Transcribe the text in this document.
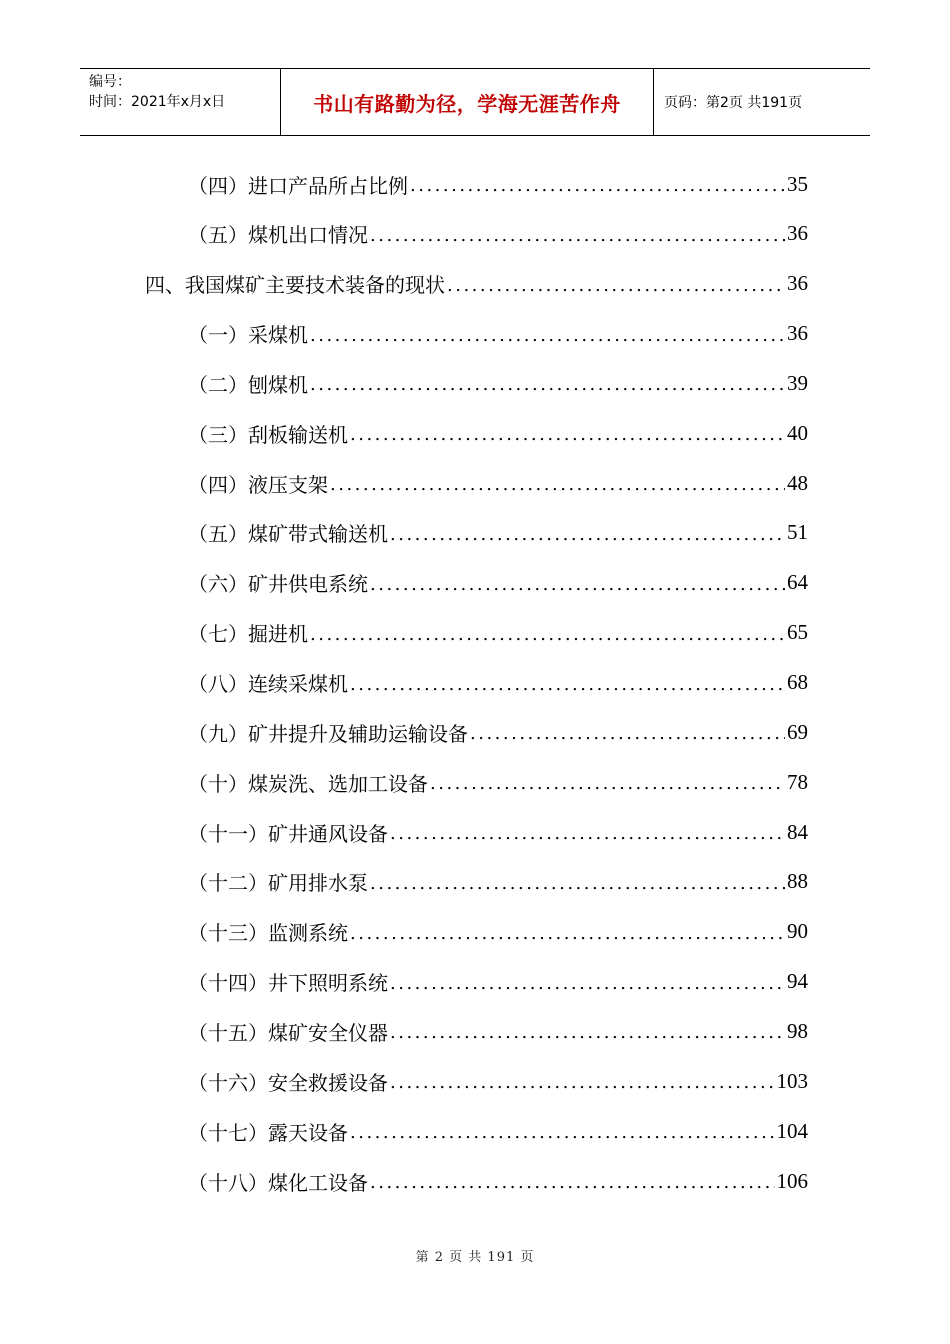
编号：
时间：2021年x月x日	书山有路勤为径，学海无涯苦作舟	页码：第2页 共191页
（四）进口产品所占比例 .....	35
（五）煤机出口情况 .....	36
四、我国煤矿主要技术装备的现状 .....	36
（一）采煤机 .....	36
（二）刨煤机 .....	39
（三）刮板输送机 .....	40
（四）液压支架 .....	48
（五）煤矿带式输送机 .....	51
（六）矿井供电系统 .....	64
（七）掘进机 .....	65
（八）连续采煤机 .....	68
（九）矿井提升及辅助运输设备 .....	69
（十）煤炭洗、选加工设备 .....	78
（十一）矿井通风设备 .....	84
（十二）矿用排水泵 .....	88
（十三）监测系统 .....	90
（十四）井下照明系统 .....	94
（十五）煤矿安全仪器 .....	98
（十六）安全救援设备 .....	103
（十七）露天设备 .....	104
（十八）煤化工设备 .....	106
第 2 页 共 191 页
